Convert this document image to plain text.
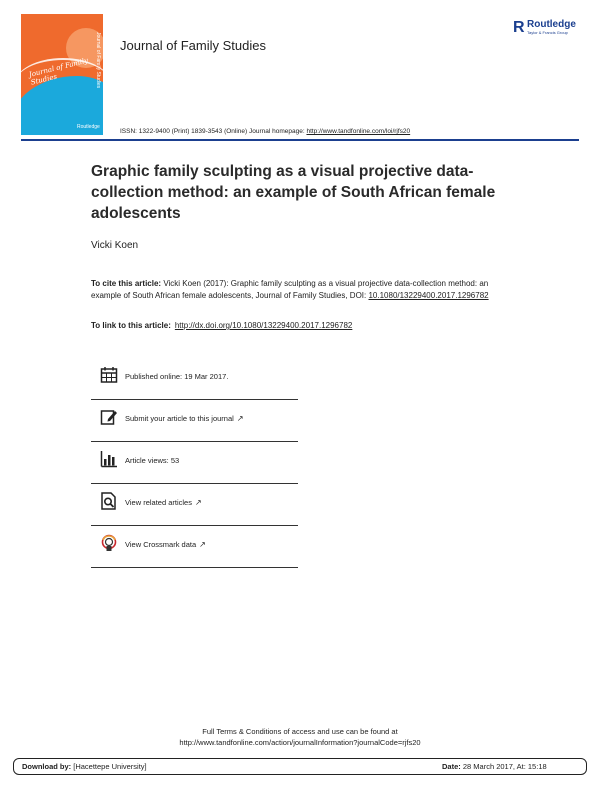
Journal of Family Studies	Journal of Family Studies
Routledge
Journal of Family Studies
R Routledge
Taylor & Francis Group
ISSN: 1322-9400 (Print) 1839-3543 (Online) Journal homepage: http://www.tandfonline.com/loi/rjfs20
Graphic family sculpting as a visual projective data-collection method: an example of South African female adolescents
Vicki Koen
To cite this article: Vicki Koen (2017): Graphic family sculpting as a visual projective data-collection method: an example of South African female adolescents, Journal of Family Studies, DOI: 10.1080/13229400.2017.1296782
To link to this article: http://dx.doi.org/10.1080/13229400.2017.1296782
Published online: 19 Mar 2017.
Submit your article to this journal ↗
Article views: 53
View related articles ↗
View Crossmark data ↗
Full Terms & Conditions of access and use can be found at
http://www.tandfonline.com/action/journalInformation?journalCode=rjfs20
Download by: [Hacettepe University]	Date: 28 March 2017, At: 15:18
